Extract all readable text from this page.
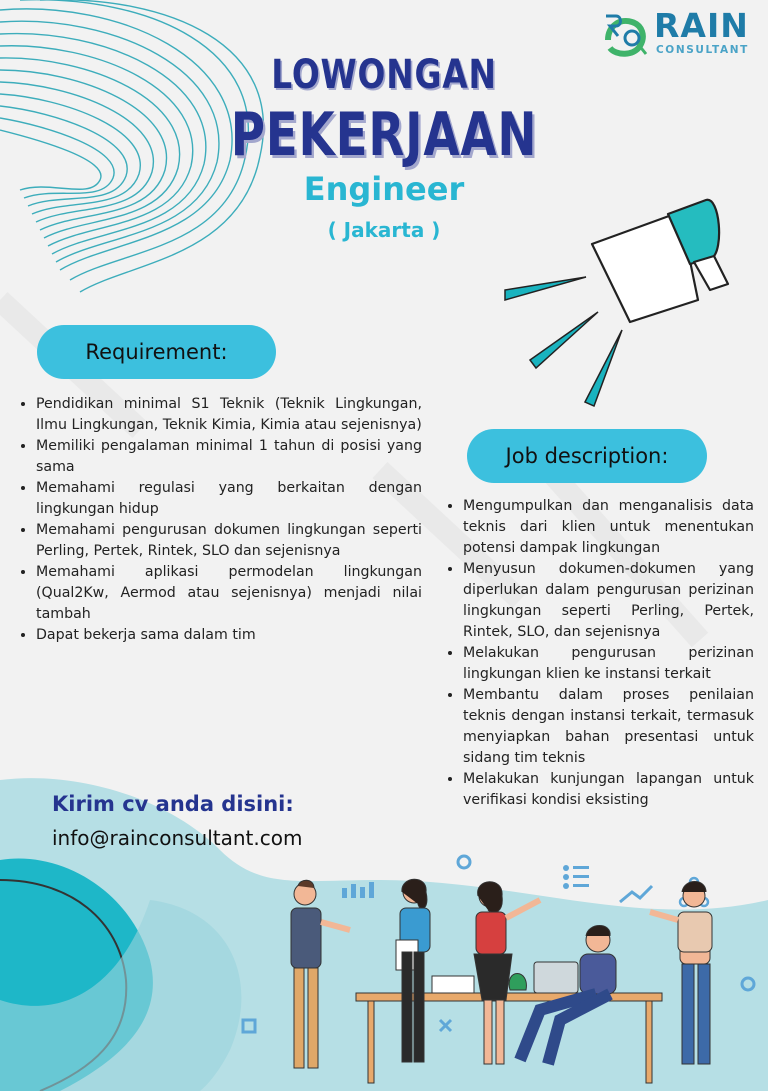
RAIN
CONSULTANT
LOWONGAN
PEKERJAAN
Engineer
( Jakarta )
Requirement:
• Pendidikan minimal S1 Teknik (Teknik Lingkungan, Ilmu Lingkungan, Teknik Kimia, Kimia atau sejenisnya)
• Memiliki pengalaman minimal 1 tahun di posisi yang sama
• Memahami regulasi yang berkaitan dengan lingkungan hidup
• Memahami pengurusan dokumen lingkungan seperti Perling, Pertek, Rintek, SLO dan sejenisnya
• Memahami aplikasi permodelan lingkungan (Qual2Kw, Aermod atau sejenisnya) menjadi nilai tambah
• Dapat bekerja sama dalam tim
Job description:
• Mengumpulkan dan menganalisis data teknis dari klien untuk menentukan potensi dampak lingkungan
• Menyusun dokumen-dokumen yang diperlukan dalam pengurusan perizinan lingkungan seperti Perling, Pertek, Rintek, SLO, dan sejenisnya
• Melakukan pengurusan perizinan lingkungan klien ke instansi terkait
• Membantu dalam proses penilaian teknis dengan instansi terkait, termasuk menyiapkan bahan presentasi untuk sidang tim teknis
• Melakukan kunjungan lapangan untuk verifikasi kondisi eksisting
Kirim cv anda disini:
info@rainconsultant.com
